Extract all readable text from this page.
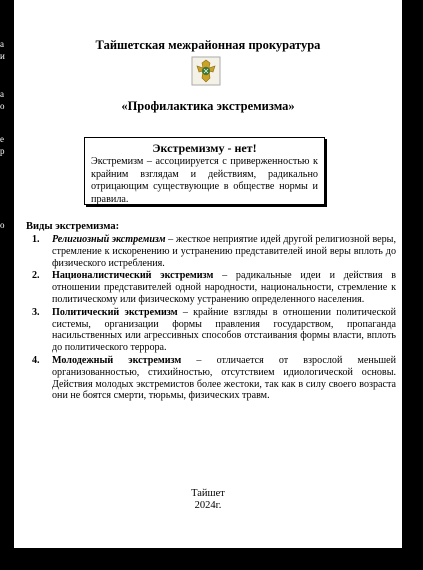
а
и
а
о
е
р
о
Тайшетская межрайонная прокуратура
«Профилактика экстремизма»
Экстремизму - нет!
Экстремизм – ассоциируется с приверженностью к крайним взглядам и действиям, радикально отрицающим существующие в обществе нормы и правила.
Виды экстремизма:
1. Религиозный экстремизм – жесткое неприятие идей другой религиозной веры, стремление к искоренению и устранению представителей иной веры вплоть до физического истребления.
2. Националистический экстремизм – радикальные идеи и действия в отношении представителей одной народности, национальности, стремление к политическому или физическому устранению определенного населения.
3. Политический экстремизм – крайние взгляды в отношении политической системы, организации формы правления государством, пропаганда насильственных или агрессивных способов отстаивания формы власти, вплоть до политического террора.
4. Молодежный экстремизм – отличается от взрослой меньшей организованностью, стихийностью, отсутствием идиологической основы. Действия молодых экстремистов более жестоки, так как в силу своего возраста они не боятся смерти, тюрьмы, физических травм.
Тайшет
2024г.
